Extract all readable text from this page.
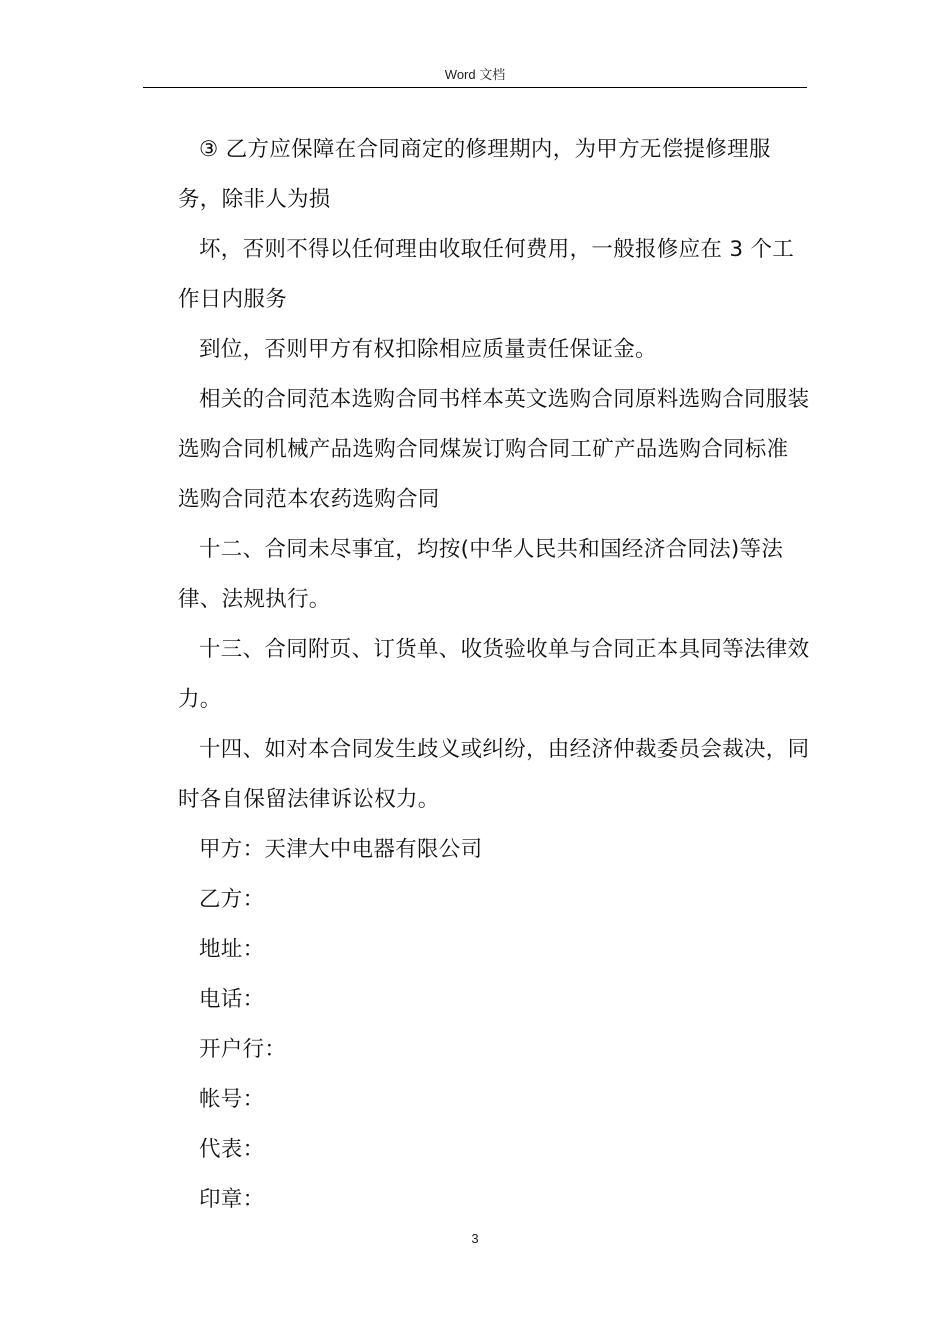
Word 文档

③ 乙方应保障在合同商定的修理期内，为甲方无偿提修理服务，除非人为损

坏，否则不得以任何理由收取任何费用，一般报修应在 3 个工作日内服务

到位，否则甲方有权扣除相应质量责任保证金。

相关的合同范本选购合同书样本英文选购合同原料选购合同服装选购合同机械产品选购合同煤炭订购合同工矿产品选购合同标准选购合同范本农药选购合同

十二、合同未尽事宜，均按(中华人民共和国经济合同法)等法律、法规执行。

十三、合同附页、订货单、收货验收单与合同正本具同等法律效力。

十四、如对本合同发生歧义或纠纷，由经济仲裁委员会裁决，同时各自保留法律诉讼权力。

甲方：天津大中电器有限公司

乙方：

地址：

电话：

开户行：

帐号：

代表：

印章：

3
